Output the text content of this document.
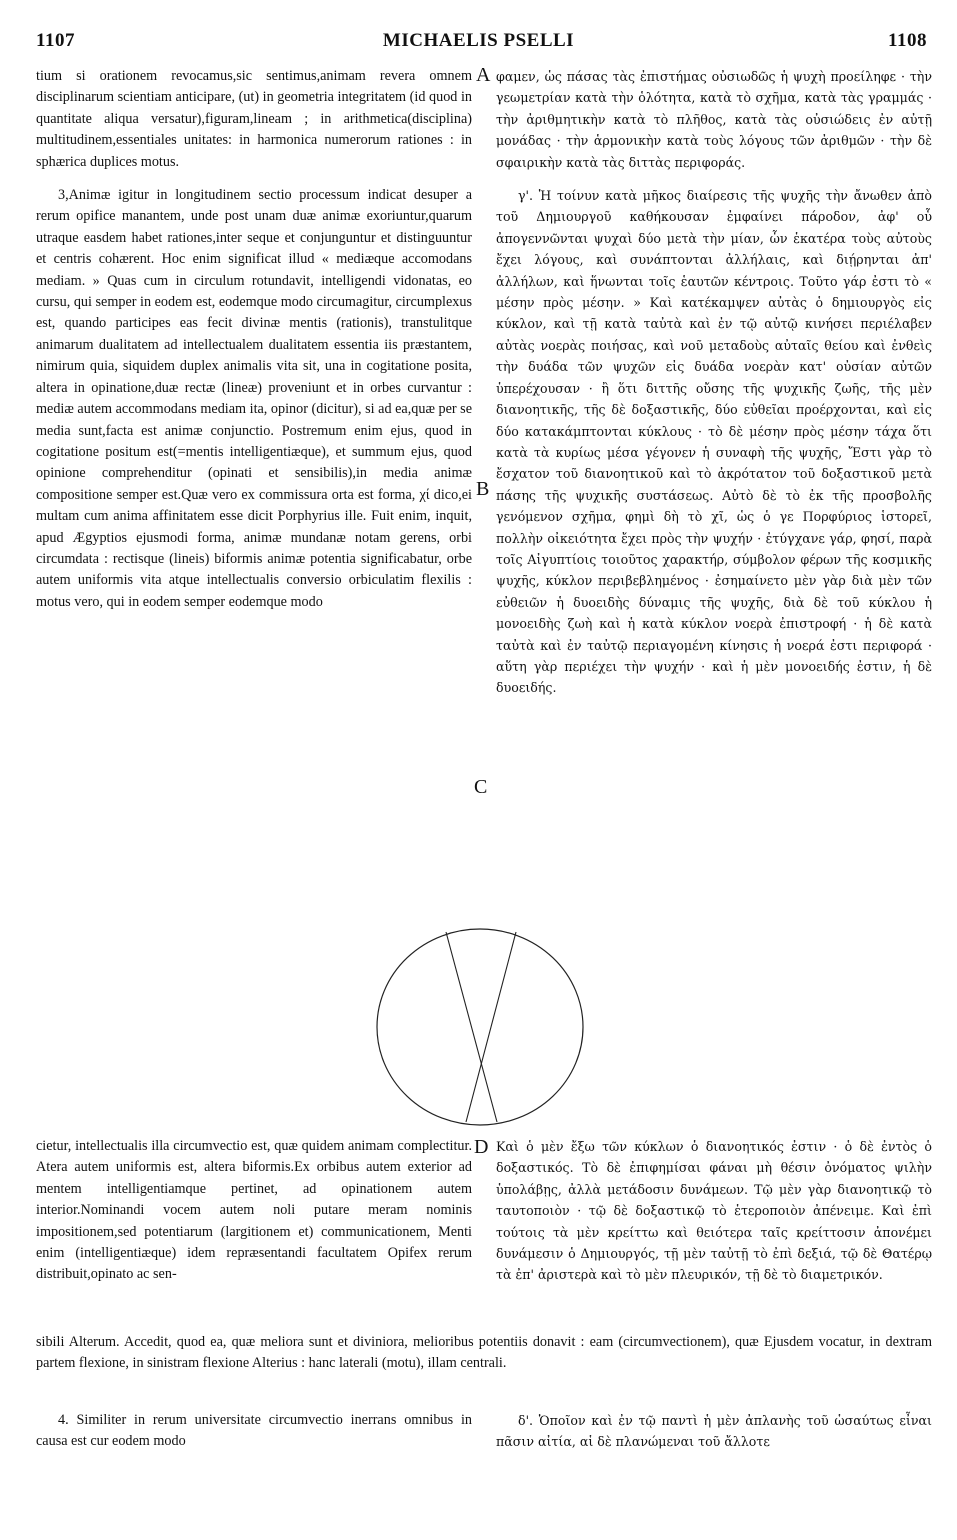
1107	MICHAELIS PSELLI	1108

tium si orationem revocamus,sic sentimus,animam revera omnem disciplinarum scientiam anticipare, (ut) in geometria integritatem (id quod in quantitate aliqua versatur),figuram,lineam ; in arithmetica(disciplina) multitudinem,essentiales unitates: in harmonica numerorum rationes : in sphærica duplices motus.

3,Animæ igitur in longitudinem sectio processum indicat desuper a rerum opifice manantem, unde post unam duæ animæ exoriuntur,quarum utraque easdem habet rationes,inter seque et conjunguntur et distinguuntur et centris cohærent. Hoc enim significat illud « mediæque accomodans mediam. » Quas cum in circulum rotundavit, intelligendi vidonatas, eo cursu, qui semper in eodem est, eodemque modo circumagitur, circumplexus est, quando participes eas fecit divinæ mentis (rationis), transtulitque animarum dualitatem ad intellectualem dualitatem essentia iis præstantem, nimirum quia, siquidem duplex animalis vita sit, una in cogitatione posita, altera in opinatione,duæ rectæ (lineæ) proveniunt et in orbes curvantur : mediæ autem accommodans mediam ita, opinor (dicitur), si ad ea,quæ per se media sunt,facta est animæ conjunctio. Postremum enim ejus, quod in cogitatione positum est(=mentis intelligentiæque), et summum ejus, quod opinione comprehenditur (opinati et sensibilis),in media animæ compositione semper est.Quæ vero ex commissura orta est forma, χί dico,ei multam cum anima affinitatem esse dicit Porphyrius ille. Fuit enim, inquit, apud Ægyptios ejusmodi forma, animæ mundanæ notam gerens, orbi circumdata : rectisque (lineis) biformis animæ potentia significabatur, orbe autem uniformis vita atque intellectualis conversio orbiculatim flexilis : motus vero, qui in eodem semper eodemque modo

A
B
C
D

φαμεν, ὡς πάσας τὰς ἐπιστήμας οὐσιωδῶς ἡ ψυχὴ προείληφε · τὴν γεωμετρίαν κατὰ τὴν ὁλότητα, κατὰ τὸ σχῆμα, κατὰ τὰς γραμμάς · τὴν ἀριθμητικὴν κατὰ τὸ πλῆθος, κατὰ τὰς οὐσιώδεις ἐν αὐτῇ μονάδας · τὴν ἁρμονικὴν κατὰ τοὺς λόγους τῶν ἀριθμῶν · τὴν δὲ σφαιρικὴν κατὰ τὰς διττὰς περιφοράς.

γ'. Ἡ τοίνυν κατὰ μῆκος διαίρεσις τῆς ψυχῆς τὴν ἄνωθεν ἀπὸ τοῦ Δημιουργοῦ καθήκουσαν ἐμφαίνει πάροδον, ἀφ' οὗ ἀπογεννῶνται ψυχαὶ δύο μετὰ τὴν μίαν, ὧν ἑκατέρα τοὺς αὐτοὺς ἔχει λόγους, καὶ συνάπτονται ἀλλήλαις, καὶ διῄρηνται ἀπ' ἀλλήλων, καὶ ἥνωνται τοῖς ἑαυτῶν κέντροις. Τοῦτο γάρ ἐστι τὸ « μέσην πρὸς μέσην. » Καὶ κατέκαμψεν αὐτὰς ὁ δημιουργὸς εἰς κύκλον, καὶ τῇ κατὰ ταὐτὰ καὶ ἐν τῷ αὐτῷ κινήσει περιέλαβεν αὐτὰς νοερὰς ποιήσας, καὶ νοῦ μεταδοὺς αὐταῖς θείου καὶ ἐνθεὶς τὴν δυάδα τῶν ψυχῶν εἰς δυάδα νοερὰν κατ' οὐσίαν αὐτῶν ὑπερέχουσαν · ἢ ὅτι διττῆς οὔσης τῆς ψυχικῆς ζωῆς, τῆς μὲν διανοητικῆς, τῆς δὲ δοξαστικῆς, δύο εὐθεῖαι προέρχονται, καὶ εἰς δύο κατακάμπτονται κύκλους · τὸ δὲ μέσην πρὸς μέσην τάχα ὅτι κατὰ τὰ κυρίως μέσα γέγονεν ἡ συναφὴ τῆς ψυχῆς, Ἔστι γὰρ τὸ ἔσχατον τοῦ διανοητικοῦ καὶ τὸ ἀκρότατον τοῦ δοξαστικοῦ μετὰ πάσης τῆς ψυχικῆς συστάσεως. Αὐτὸ δὲ τὸ ἐκ τῆς προσβολῆς γενόμενον σχῆμα, φημὶ δὴ τὸ χῖ, ὡς ὁ γε Πορφύριος ἱστορεῖ, πολλὴν οἰκειότητα ἔχει πρὸς τὴν ψυχήν · ἐτύγχανε γάρ, φησί, παρὰ τοῖς Αἰγυπτίοις τοιοῦτος χαρακτήρ, σύμβολον φέρων τῆς κοσμικῆς ψυχῆς, κύκλον περιβεβλημένος · ἐσημαίνετο μὲν γὰρ διὰ μὲν τῶν εὐθειῶν ἡ δυοειδὴς δύναμις τῆς ψυχῆς, διὰ δὲ τοῦ κύκλου ἡ μονοειδὴς ζωὴ καὶ ἡ κατὰ κύκλον νοερὰ ἐπιστροφή · ἡ δὲ κατὰ ταὐτὰ καὶ ἐν ταὐτῷ περιαγομένη κίνησις ἡ νοερά ἐστι περιφορά · αὕτη γὰρ περιέχει τὴν ψυχήν · καὶ ἡ μὲν μονοειδής ἐστιν, ἡ δὲ δυοειδής.

cietur, intellectualis illa circumvectio est, quæ quidem animam complectitur. Atera autem uniformis est, altera biformis.Ex orbibus autem exterior ad mentem intelligentiamque pertinet, ad opinationem autem interior.Nominandi vocem autem noli putare meram nominis impositionem,sed potentiarum (largitionem et) communicationem, Menti enim (intelligentiæque) idem repræsentandi facultatem Opifex rerum distribuit,opinato ac sen-

Καὶ ὁ μὲν ἔξω τῶν κύκλων ὁ διανοητικός ἐστιν · ὁ δὲ ἐντὸς ὁ δοξαστικός. Τὸ δὲ ἐπιφημίσαι φάναι μὴ θέσιν ὀνόματος ψιλὴν ὑπολάβῃς, ἀλλὰ μετάδοσιν δυνάμεων. Τῷ μὲν γὰρ διανοητικῷ τὸ ταυτοποιὸν · τῷ δὲ δοξαστικῷ τὸ ἑτεροποιὸν ἀπένειμε. Καὶ ἐπὶ τούτοις τὰ μὲν κρείττω καὶ θειότερα ταῖς κρείττοσιν ἀπονέμει δυνάμεσιν ὁ Δημιουργός, τῇ μὲν ταὐτῇ τὸ ἐπὶ δεξιά, τῷ δὲ Θατέρῳ τὰ ἐπ' ἀριστερὰ καὶ τὸ μὲν πλευρικόν, τῇ δὲ τὸ διαμετρικόν.

sibili Alterum. Accedit, quod ea, quæ meliora sunt et diviniora, melioribus potentiis donavit : eam (circumvectionem), quæ Ejusdem vocatur, in dextram partem flexione, in sinistram flexione Alterius : hanc laterali (motu), illam centrali.

4. Similiter in rerum universitate circumvectio inerrans omnibus in causa est cur eodem modo

δ'. Ὁποῖον καὶ ἐν τῷ παντὶ ἡ μὲν ἀπλανὴς τοῦ ὡσαύτως εἶναι πᾶσιν αἰτία, αἱ δὲ πλανώμεναι τοῦ ἄλλοτε
